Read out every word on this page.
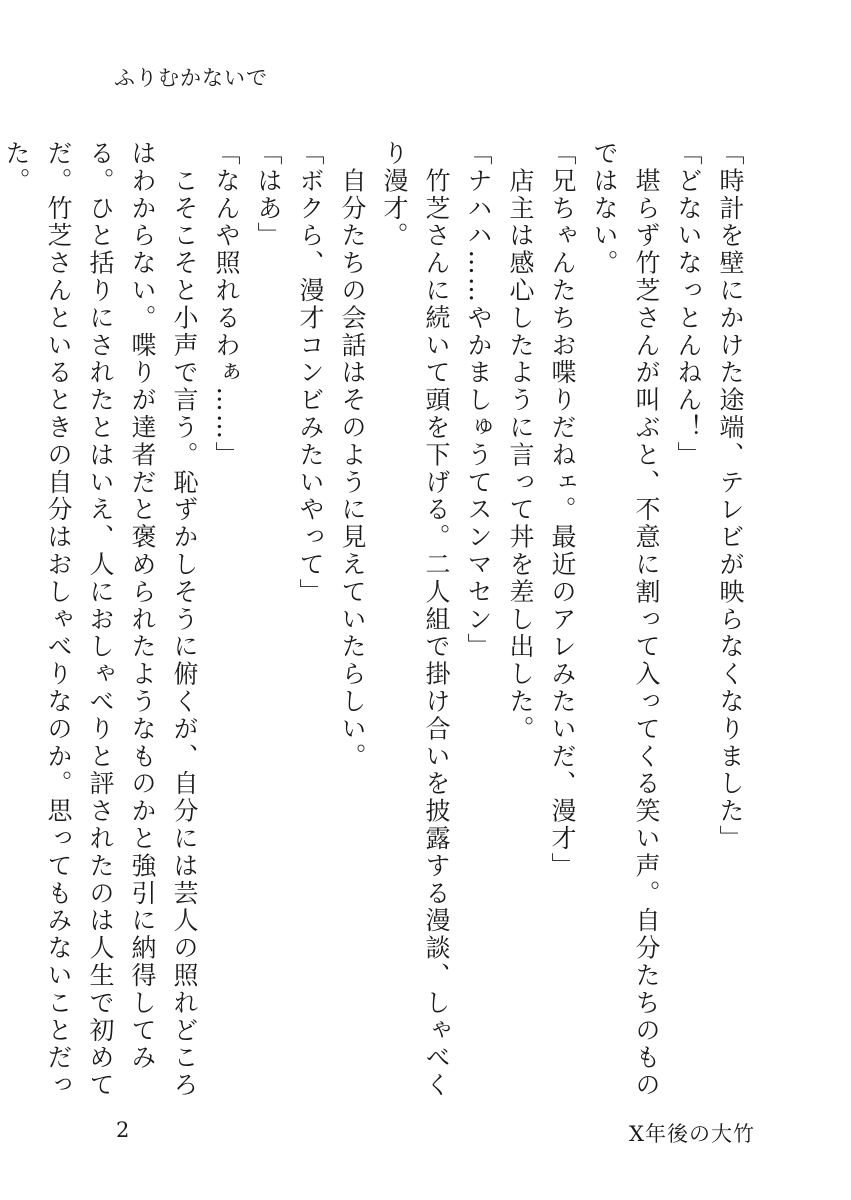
ふりむかないで

「時計を壁にかけた途端、テレビが映らなくなりました」

「どないなっとんねん！」

　堪らず竹芝さんが叫ぶと、不意に割って入ってくる笑い声。自分たちのものではない。

「兄ちゃんたちお喋りだねェ。最近のアレみたいだ、漫才」

　店主は感心したように言って丼を差し出した。

「ナハハ……やかましゅうてスンマセン」

　竹芝さんに続いて頭を下げる。二人組で掛け合いを披露する漫談、しゃべくり漫才。

　自分たちの会話はそのように見えていたらしい。

「ボクら、漫才コンビみたいやって」

「はあ」

「なんや照れるわぁ……」

　こそこそと小声で言う。恥ずかしそうに俯くが、自分には芸人の照れどころはわからない。喋りが達者だと褒められたようなものかと強引に納得してみる。ひと括りにされたとはいえ、人におしゃべりと評されたのは人生で初めてだ。竹芝さんといるときの自分はおしゃべりなのか。思ってもみないことだった。

2	X年後の大竹
